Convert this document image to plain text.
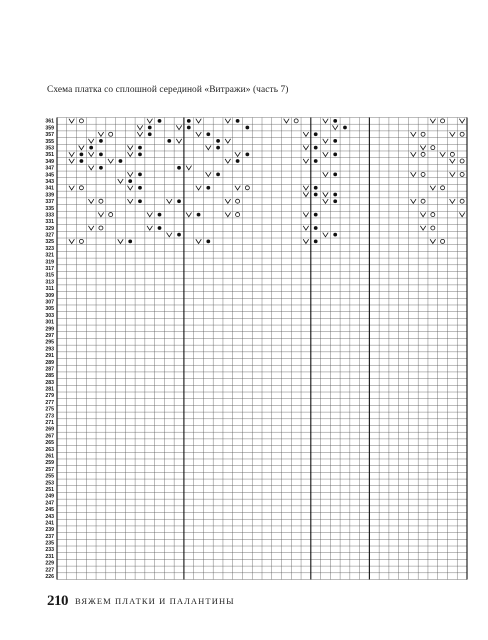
Схема платка со сплошной серединой «Витражи» (часть 7)
361
359
357
355
353
351
349
347
345
343
341
339
337
335
333
331
329
327
325
323
321
319
317
315
313
311
309
307
305
303
301
299
297
295
293
291
289
287
285
283
281
279
277
275
273
271
269
267
265
263
261
259
257
255
253
251
249
247
245
243
241
239
237
235
233
231
229
227
226
210 ВЯЖЕМ ПЛАТКИ И ПАЛАНТИНЫ
